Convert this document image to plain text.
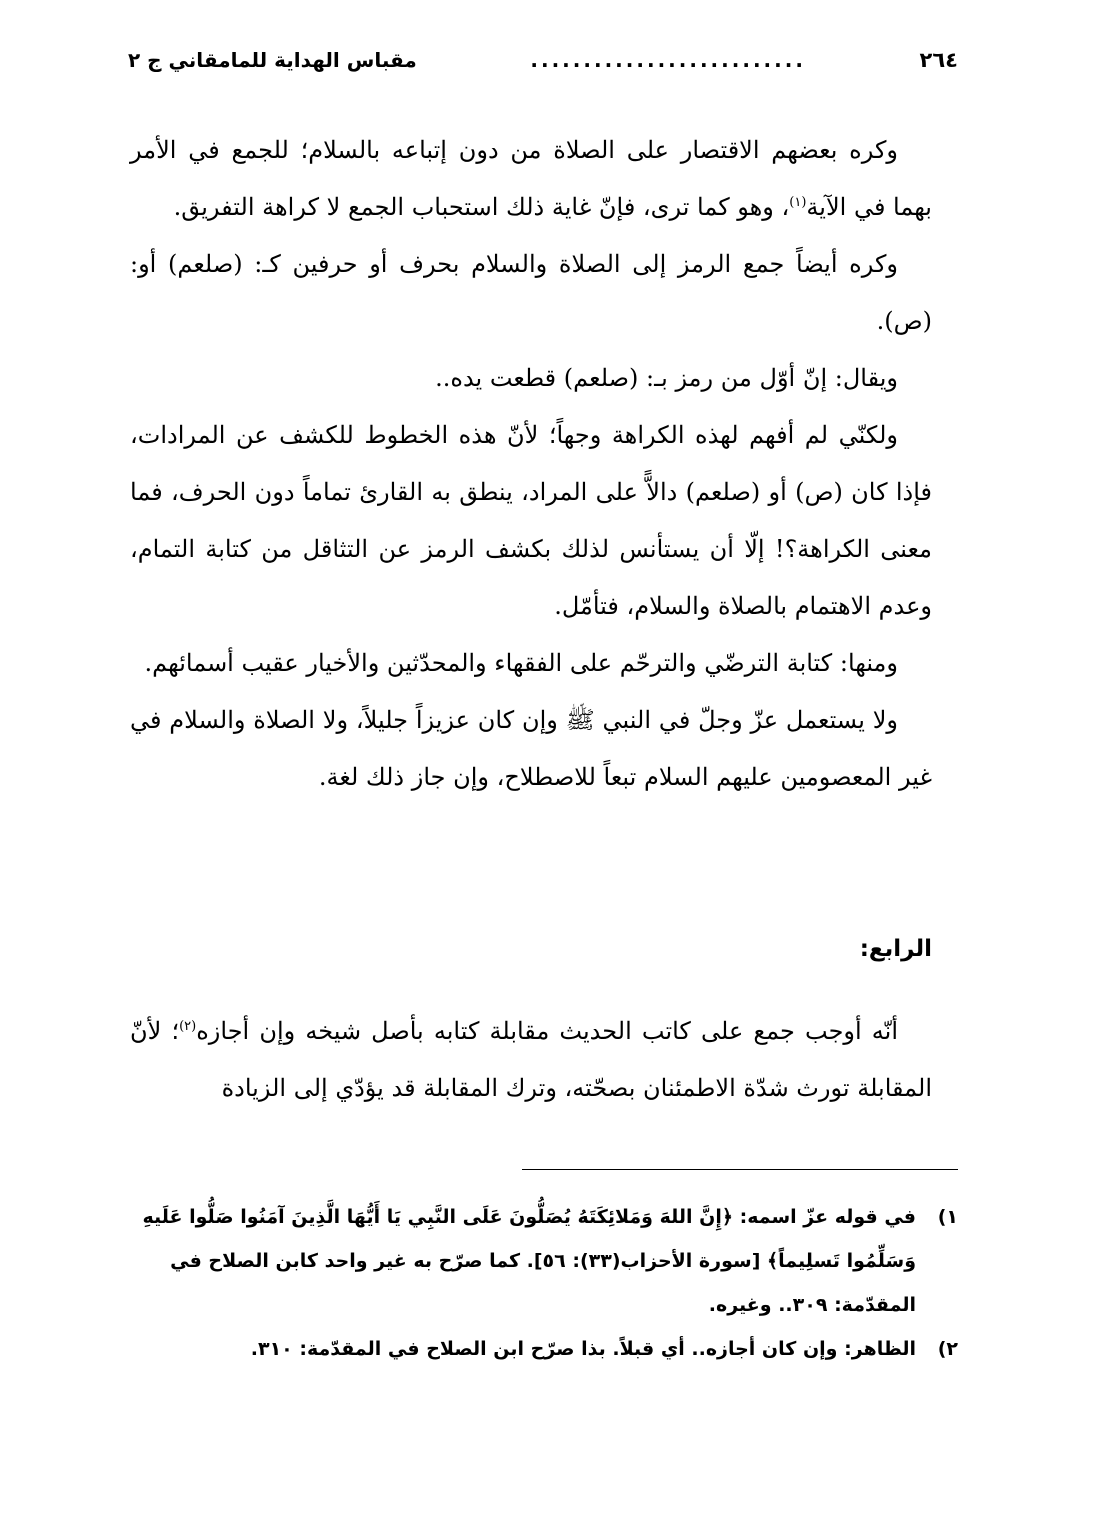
٢٦٤
..........................
مقباس الهداية للمامقاني ج ٢

وكره بعضهم الاقتصار على الصلاة من دون إتباعه بالسلام؛ للجمع في الأمر بهما في الآية$^{(١)}$، وهو كما ترى، فإنّ غاية ذلك استحباب الجمع لا كراهة التفريق.

وكره أيضاً جمع الرمز إلى الصلاة والسلام بحرف أو حرفين كـ: (صلعم) أو: (ص).

ويقال: إنّ أوّل من رمز بـ: (صلعم) قطعت يده..

ولكنّي لم أفهم لهذه الكراهة وجهاً؛ لأنّ هذه الخطوط للكشف عن المرادات، فإذا كان (ص) أو (صلعم) دالاًّ على المراد، ينطق به القارئ تماماً دون الحرف، فما معنى الكراهة؟! إلّا أن يستأنس لذلك بكشف الرمز عن التثاقل من كتابة التمام، وعدم الاهتمام بالصلاة والسلام، فتأمّل.

ومنها: كتابة الترضّي والترحّم على الفقهاء والمحدّثين والأخيار عقيب أسمائهم.

ولا يستعمل عزّ وجلّ في النبي ﷺ وإن كان عزيزاً جليلاً، ولا الصلاة والسلام في غير المعصومين عليهم السلام تبعاً للاصطلاح، وإن جاز ذلك لغة.

الرابع:

أنّه أوجب جمع على كاتب الحديث مقابلة كتابه بأصل شيخه وإن أجازه$^{(٢)}$؛ لأنّ المقابلة تورث شدّة الاطمئنان بصحّته، وترك المقابلة قد يؤدّي إلى الزيادة

١)
في قوله عزّ اسمه: ﴿إِنَّ اللهَ وَمَلائِكَتَهُ يُصَلُّونَ عَلَى النَّبِي يَا أَيُّهَا الَّذِينَ آمَنُوا صَلُّوا عَلَيهِ وَسَلِّمُوا تَسلِيماً﴾ [سورة الأحزاب(٣٣): ٥٦]. كما صرّح به غير واحد كابن الصلاح في المقدّمة: ٣٠٩.. وغيره.
٢)
الظاهر: وإن كان أجازه.. أي قبلاً. بذا صرّح ابن الصلاح في المقدّمة: ٣١٠.
